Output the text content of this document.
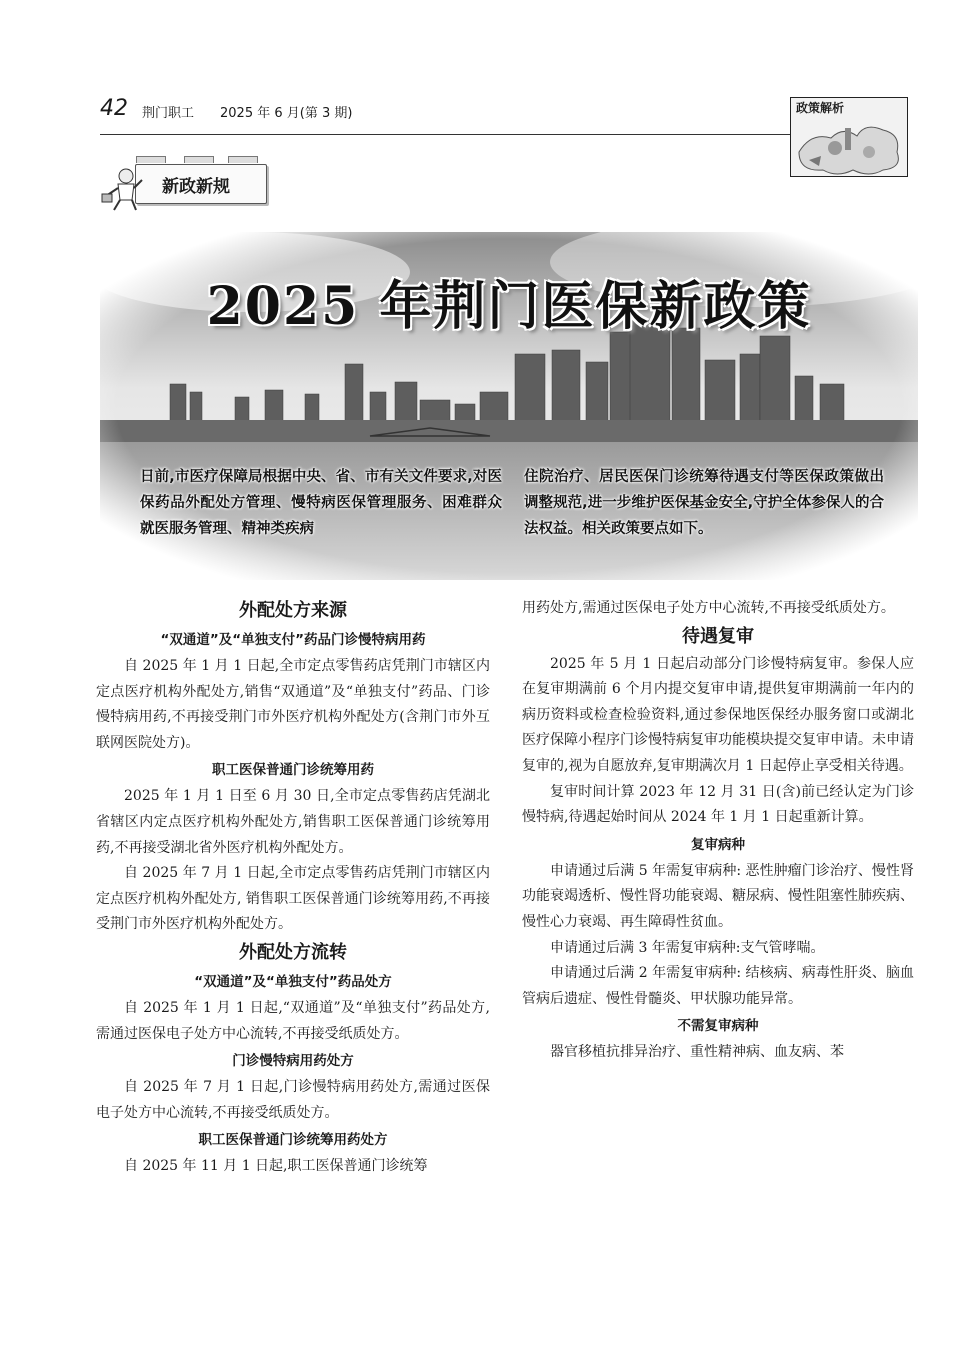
42 荆门职工 2025 年 6 月(第 3 期)	政策解析
新政新规
2025 年荆门医保新政策
日前,市医疗保障局根据中央、省、市有关文件要求,对医保药品外配处方管理、慢特病医保管理服务、困难群众就医服务管理、精神类疾病
住院治疗、居民医保门诊统筹待遇支付等医保政策做出调整规范,进一步维护医保基金安全,守护全体参保人的合法权益。相关政策要点如下。
外配处方来源
“双通道”及“单独支付”药品门诊慢特病用药

自 2025 年 1 月 1 日起,全市定点零售药店凭荆门市辖区内定点医疗机构外配处方,销售“双通道”及“单独支付”药品、门诊慢特病用药,不再接受荆门市外医疗机构外配处方(含荆门市外互联网医院处方)。

职工医保普通门诊统筹用药

2025 年 1 月 1 日至 6 月 30 日,全市定点零售药店凭湖北省辖区内定点医疗机构外配处方,销售职工医保普通门诊统筹用药,不再接受湖北省外医疗机构外配处方。

自 2025 年 7 月 1 日起,全市定点零售药店凭荆门市辖区内定点医疗机构外配处方, 销售职工医保普通门诊统筹用药,不再接受荆门市外医疗机构外配处方。

外配处方流转
“双通道”及“单独支付”药品处方

自 2025 年 1 月 1 日起,“双通道”及“单独支付”药品处方,需通过医保电子处方中心流转,不再接受纸质处方。

门诊慢特病用药处方

自 2025 年 7 月 1 日起,门诊慢特病用药处方,需通过医保电子处方中心流转,不再接受纸质处方。

职工医保普通门诊统筹用药处方

自 2025 年 11 月 1 日起,职工医保普通门诊统筹

用药处方,需通过医保电子处方中心流转,不再接受纸质处方。

待遇复审

2025 年 5 月 1 日起启动部分门诊慢特病复审。参保人应在复审期满前 6 个月内提交复审申请,提供复审期满前一年内的病历资料或检查检验资料,通过参保地医保经办服务窗口或湖北医疗保障小程序门诊慢特病复审功能模块提交复审申请。未申请复审的,视为自愿放弃,复审期满次月 1 日起停止享受相关待遇。

复审时间计算 2023 年 12 月 31 日(含)前已经认定为门诊慢特病,待遇起始时间从 2024 年 1 月 1 日起重新计算。

复审病种

申请通过后满 5 年需复审病种: 恶性肿瘤门诊治疗、慢性肾功能衰竭透析、慢性肾功能衰竭、糖尿病、慢性阻塞性肺疾病、慢性心力衰竭、再生障碍性贫血。

申请通过后满 3 年需复审病种:支气管哮喘。

申请通过后满 2 年需复审病种: 结核病、病毒性肝炎、脑血管病后遗症、慢性骨髓炎、甲状腺功能异常。

不需复审病种

器官移植抗排异治疗、重性精神病、血友病、苯
